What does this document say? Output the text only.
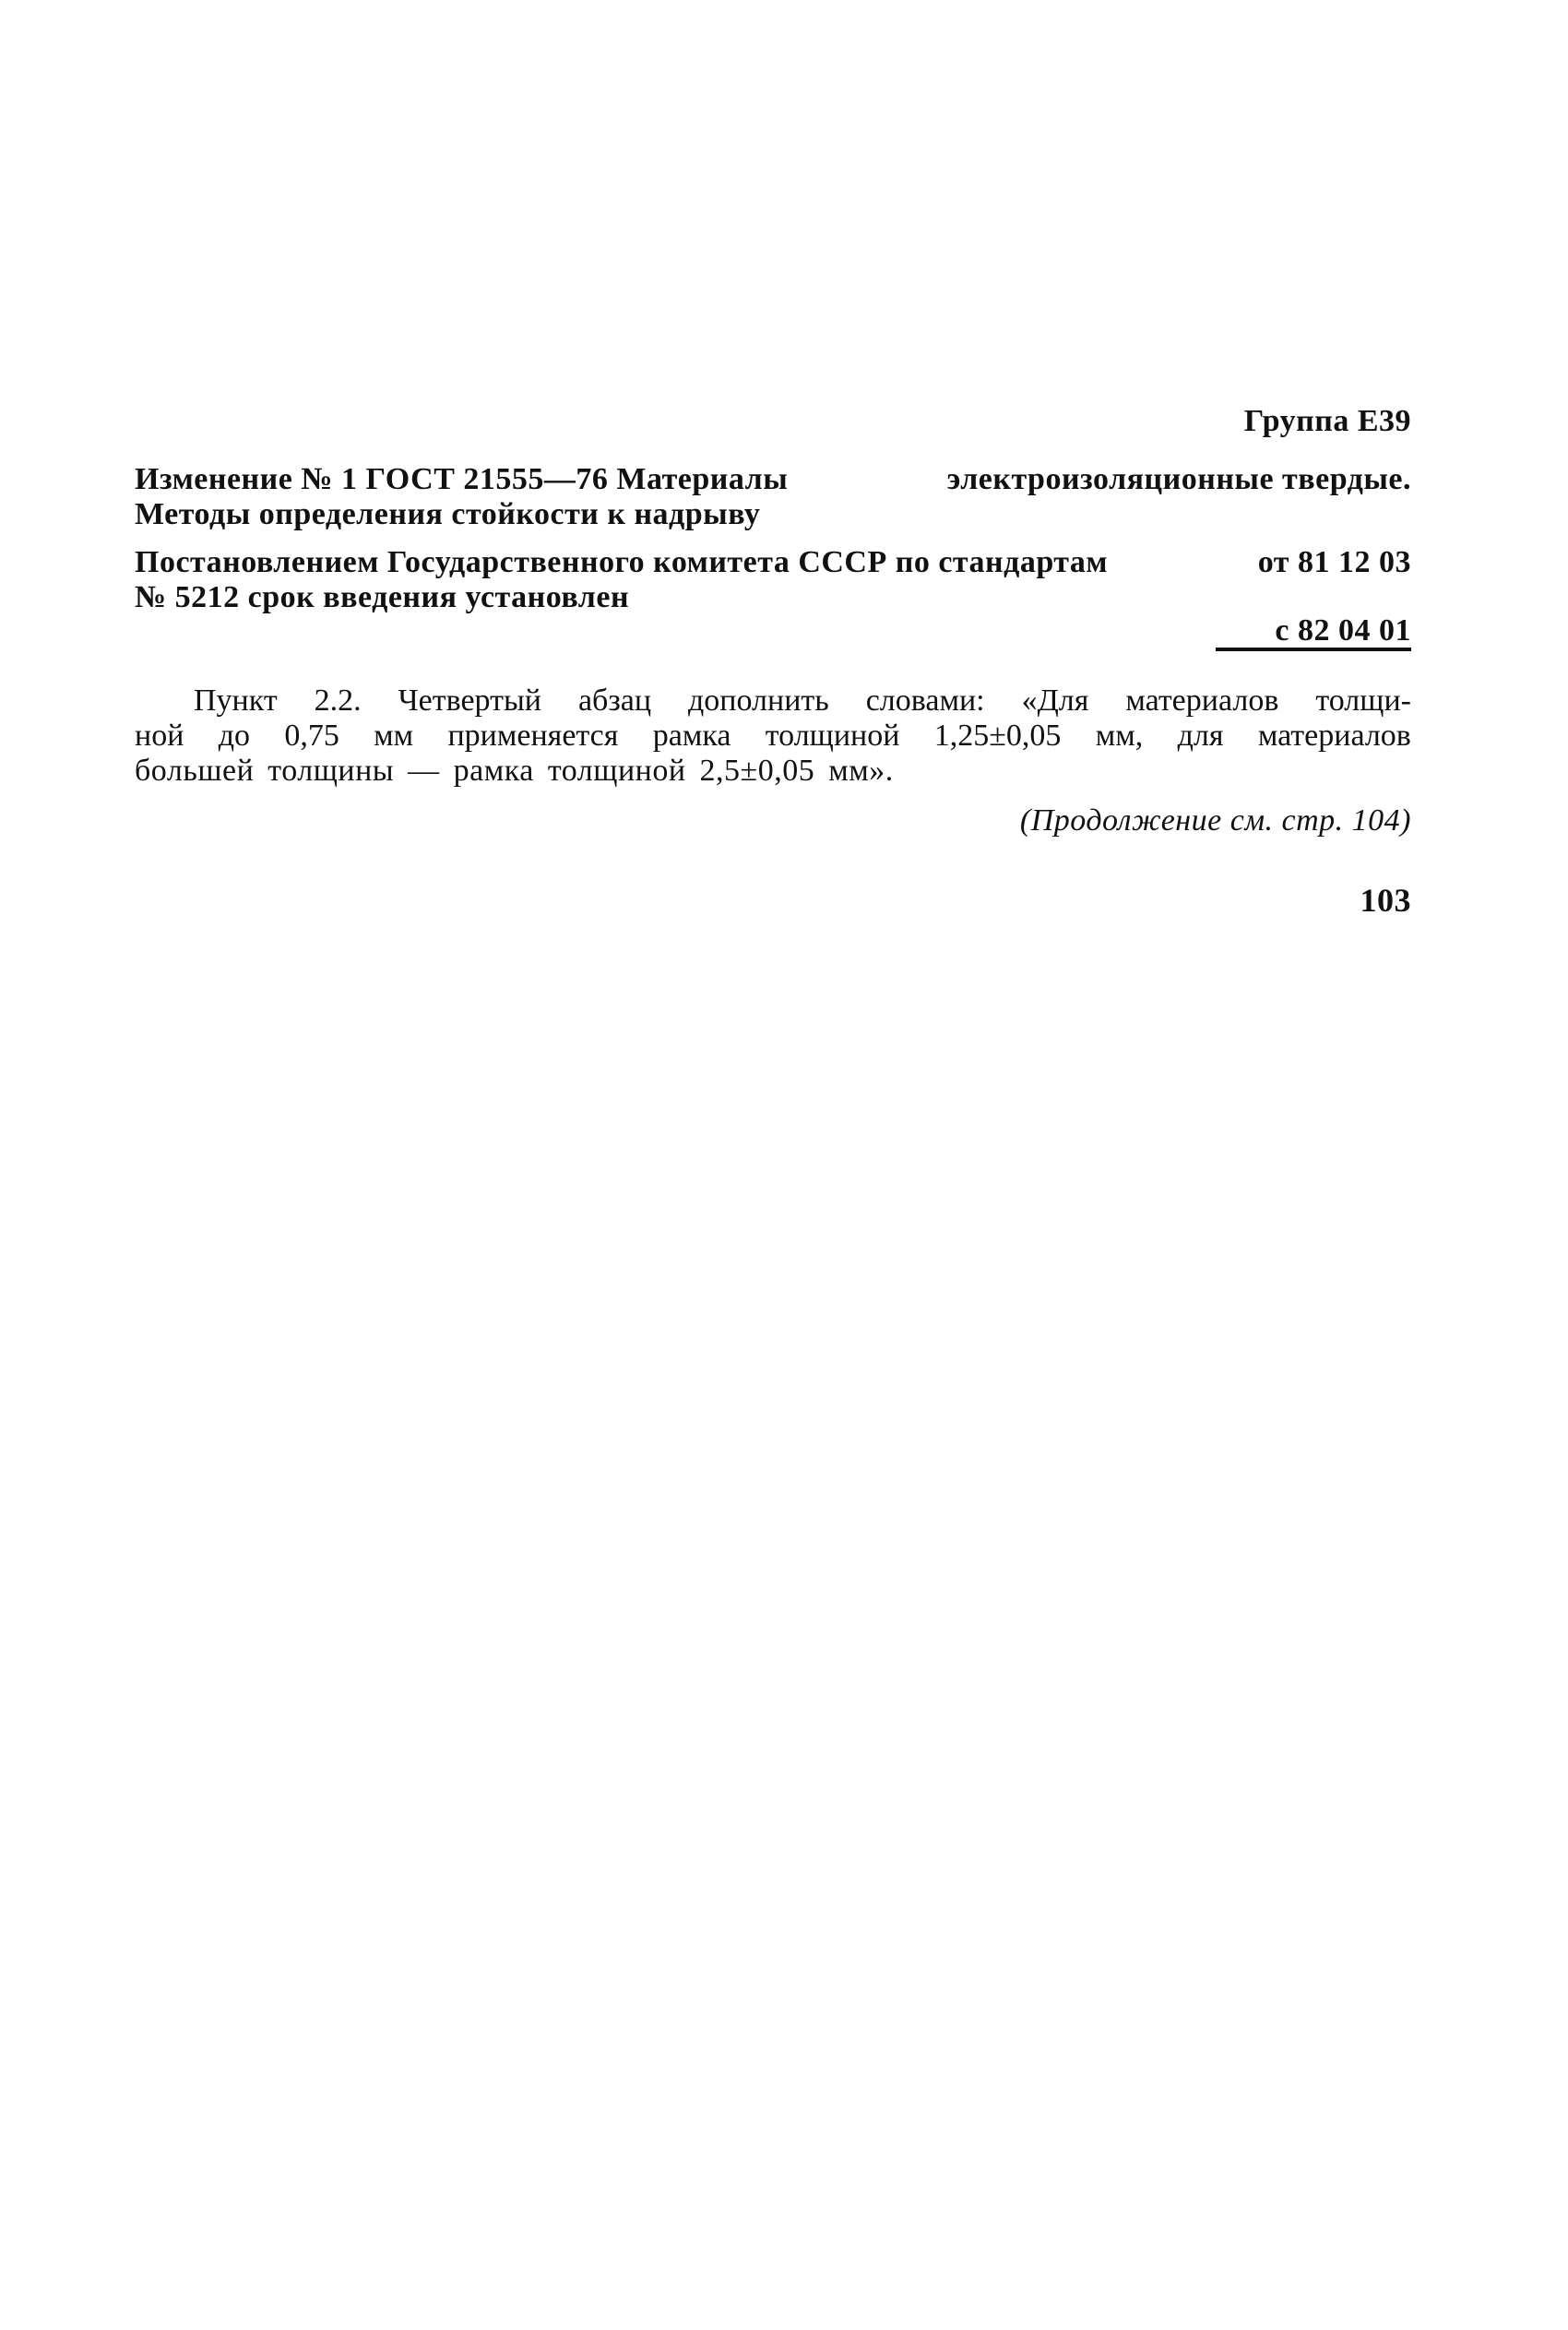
Группа Е39
Изменение № 1 ГОСТ 21555—76 Материалы	электроизоляционные твердые.
Методы определения стойкости к надрыву
Постановлением Государственного комитета СССР по стандартам	от 81 12 03
№ 5212 срок введения установлен
с 82 04 01
Пункт 2.2. Четвертый абзац дополнить словами: «Для материалов толщи-
ной до 0,75 мм применяется рамка толщиной 1,25±0,05 мм, для материалов
большей толщины — рамка толщиной 2,5±0,05 мм».
(Продолжение см. стр. 104)
103
